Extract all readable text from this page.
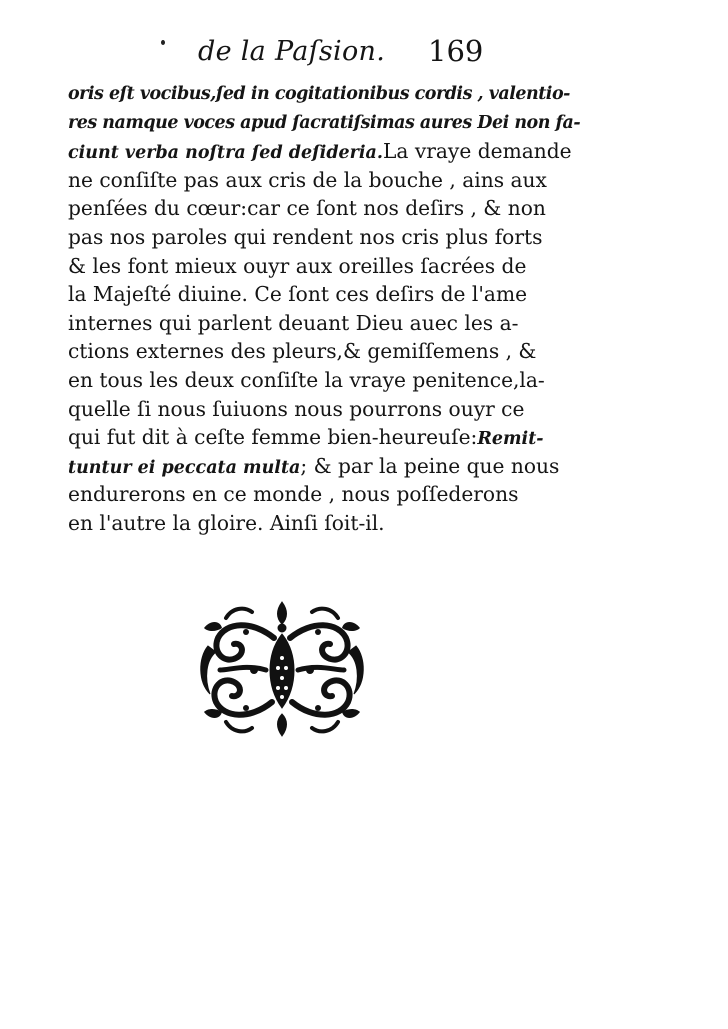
de la Paſsion. 169
oris eſt vocibus,ſed in cogitationibus cordis , valentio-
res namque voces apud ſacratiſsimas aures Dei non fa-
ciunt verba noſtra ſed deſideria.La vraye demande
ne conſiſte pas aux cris de la bouche , ains aux
penſées du cœur:car ce ſont nos deſirs , & non
pas nos paroles qui rendent nos cris plus forts
& les font mieux ouyr aux oreilles ſacrées de
la Majeſté diuine. Ce ſont ces deſirs de l'ame
internes qui parlent deuant Dieu auec les a-
ctions externes des pleurs,& gemiſſemens , &
en tous les deux conſiſte la vraye penitence,la-
quelle ſi nous ſuiuons nous pourrons ouyr ce
qui fut dit à ceſte femme bien-heureuſe:Remit-
tuntur ei peccata multa; & par la peine que nous
endurerons en ce monde , nous poſſederons
en l'autre la gloire. Ainſi ſoit-il.
